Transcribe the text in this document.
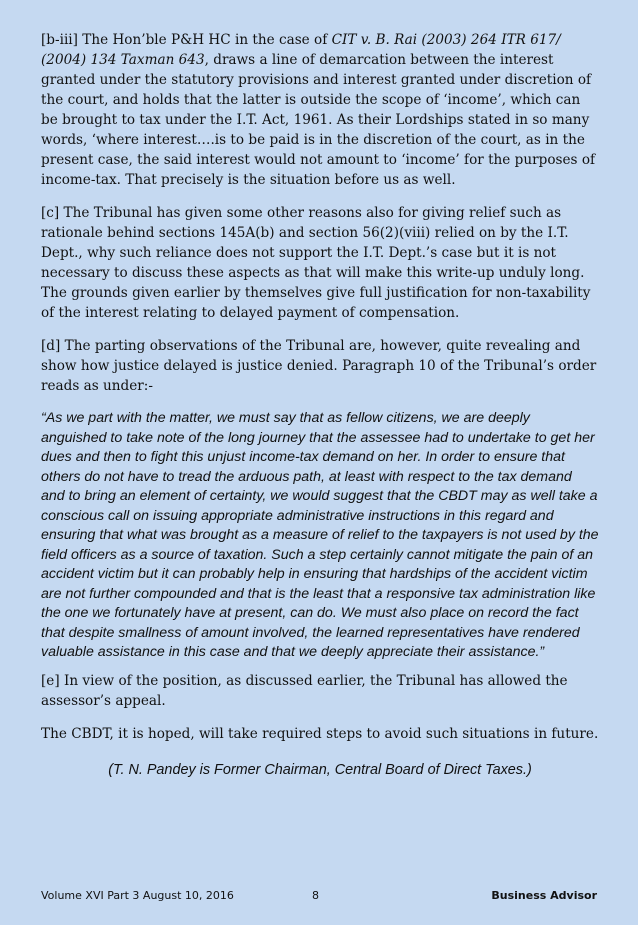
[b-iii] The Hon’ble P&H HC in the case of CIT v. B. Rai (2003) 264 ITR 617/ (2004) 134 Taxman 643, draws a line of demarcation between the interest granted under the statutory provisions and interest granted under discretion of the court, and holds that the latter is outside the scope of ‘income’, which can be brought to tax under the I.T. Act, 1961. As their Lordships stated in so many words, ‘where interest….is to be paid is in the discretion of the court, as in the present case, the said interest would not amount to ‘income’ for the purposes of income-tax. That precisely is the situation before us as well.

[c] The Tribunal has given some other reasons also for giving relief such as rationale behind sections 145A(b) and section 56(2)(viii) relied on by the I.T. Dept., why such reliance does not support the I.T. Dept.’s case but it is not necessary to discuss these aspects as that will make this write-up unduly long. The grounds given earlier by themselves give full justification for non-taxability of the interest relating to delayed payment of compensation.

[d] The parting observations of the Tribunal are, however, quite revealing and show how justice delayed is justice denied. Paragraph 10 of the Tribunal’s order reads as under:-

“As we part with the matter, we must say that as fellow citizens, we are deeply anguished to take note of the long journey that the assessee had to undertake to get her dues and then to fight this unjust income-tax demand on her. In order to ensure that others do not have to tread the arduous path, at least with respect to the tax demand and to bring an element of certainty, we would suggest that the CBDT may as well take a conscious call on issuing appropriate administrative instructions in this regard and ensuring that what was brought as a measure of relief to the taxpayers is not used by the field officers as a source of taxation. Such a step certainly cannot mitigate the pain of an accident victim but it can probably help in ensuring that hardships of the accident victim are not further compounded and that is the least that a responsive tax administration like the one we fortunately have at present, can do. We must also place on record the fact that despite smallness of amount involved, the learned representatives have rendered valuable assistance in this case and that we deeply appreciate their assistance.”

[e] In view of the position, as discussed earlier, the Tribunal has allowed the assessor’s appeal.

The CBDT, it is hoped, will take required steps to avoid such situations in future.

(T. N. Pandey is Former Chairman, Central Board of Direct Taxes.)
Volume XVI Part 3 August 10, 2016	8	Business Advisor
